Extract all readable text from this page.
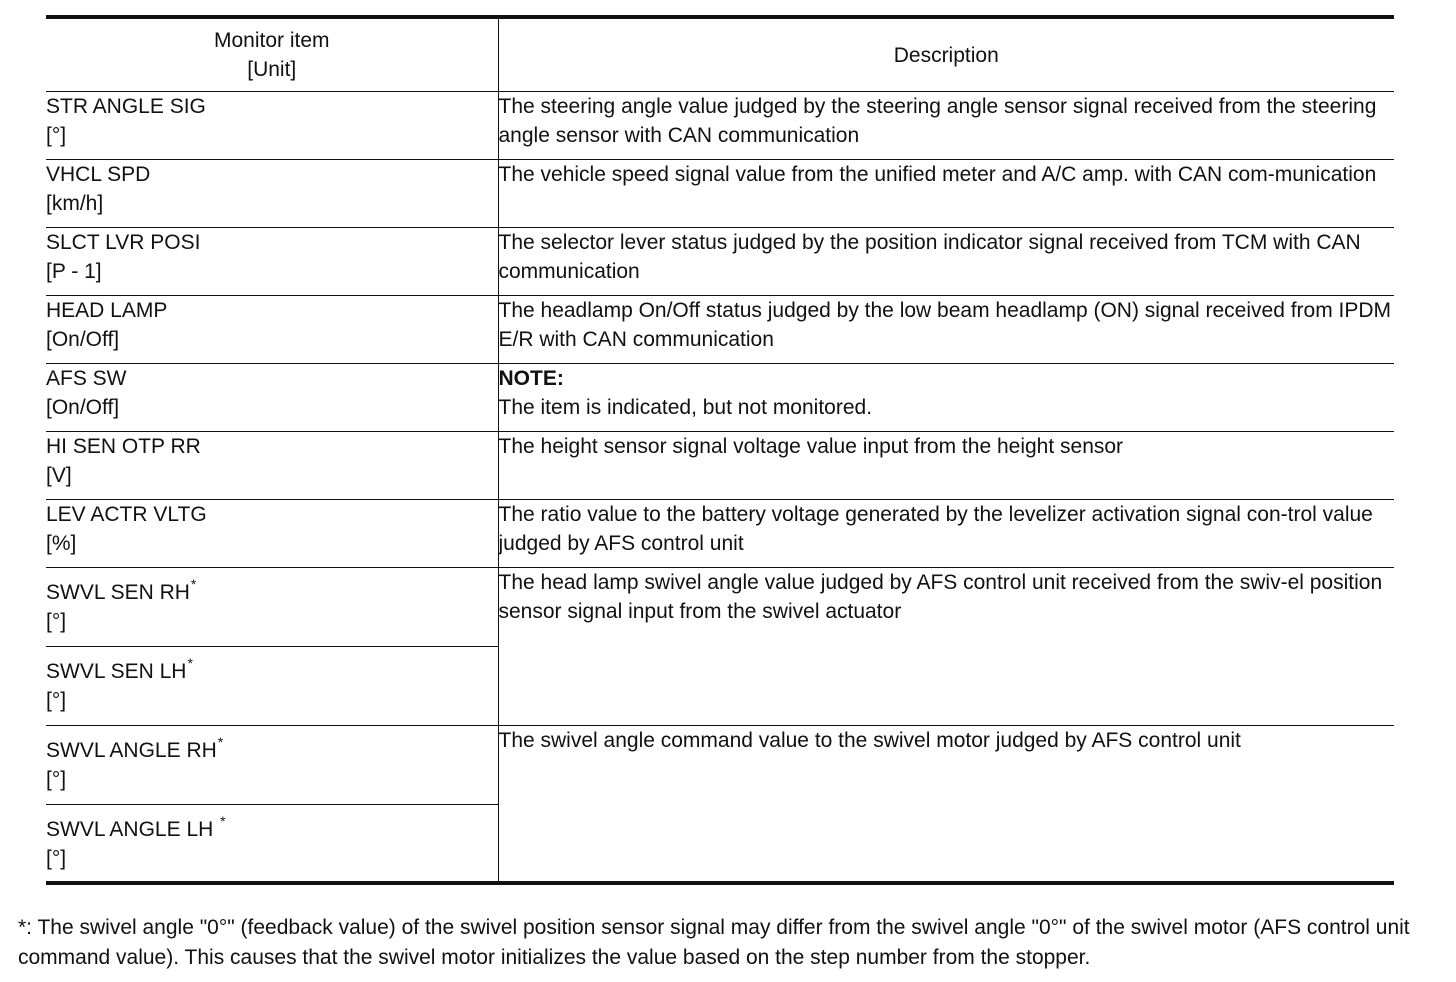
Monitor item
[Unit]	Description

STR ANGLE SIG
[°]	The steering angle value judged by the steering angle sensor signal received from the steering angle sensor with CAN communication

VHCL SPD
[km/h]	The vehicle speed signal value from the unified meter and A/C amp. with CAN com-munication

SLCT LVR POSI
[P - 1]	The selector lever status judged by the position indicator signal received from TCM with CAN communication

HEAD LAMP
[On/Off]	The headlamp On/Off status judged by the low beam headlamp (ON) signal received from IPDM E/R with CAN communication

AFS SW
[On/Off]	NOTE:
The item is indicated, but not monitored.

HI SEN OTP RR
[V]	The height sensor signal voltage value input from the height sensor

LEV ACTR VLTG
[%]	The ratio value to the battery voltage generated by the levelizer activation signal con-trol value judged by AFS control unit

SWVL SEN RH*
[°]	The head lamp swivel angle value judged by AFS control unit received from the swiv-el position sensor signal input from the swivel actuator

SWVL SEN LH*
[°]	

SWVL ANGLE RH*
[°]	The swivel angle command value to the swivel motor judged by AFS control unit

SWVL ANGLE LH *
[°]	
*: The swivel angle "0°" (feedback value) of the swivel position sensor signal may differ from the swivel angle "0°" of the swivel motor (AFS control unit command value). This causes that the swivel motor initializes the value based on the step number from the stopper.
